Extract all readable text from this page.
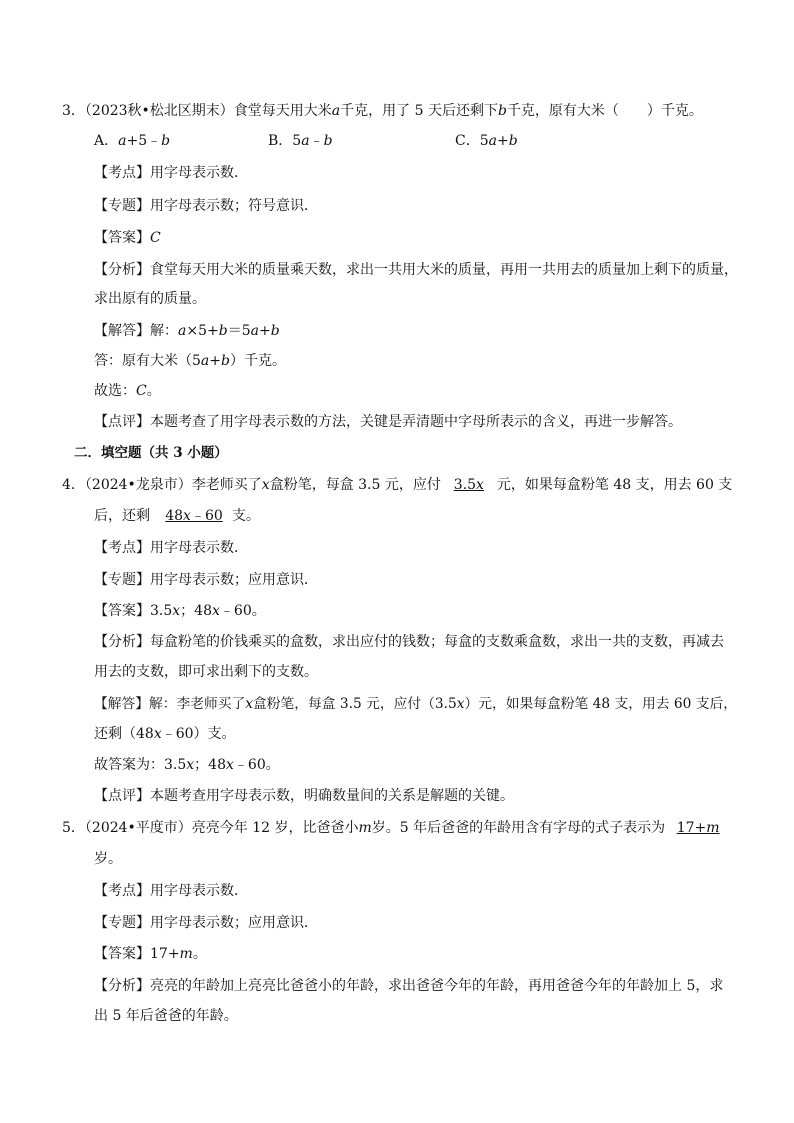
3．（2023秋•松北区期末）食堂每天用大米a千克，用了 5 天后还剩下b千克，原有大米（　　）千克。
A．a+5﹣b	B．5a﹣b	C．5a+b
【考点】用字母表示数．
【专题】用字母表示数；符号意识．
【答案】C
【分析】食堂每天用大米的质量乘天数，求出一共用大米的质量，再用一共用去的质量加上剩下的质量，
求出原有的质量。
【解答】解：a×5+b＝5a+b
答：原有大米（5a+b）千克。
故选：C。
【点评】本题考查了用字母表示数的方法，关键是弄清题中字母所表示的含义，再进一步解答。
二．填空题（共 3 小题）
4．（2024•龙泉市）李老师买了x盒粉笔，每盒 3.5 元，应付 3.5x 元，如果每盒粉笔 48 支，用去 60 支
后，还剩 48x﹣60 支。
【考点】用字母表示数．
【专题】用字母表示数；应用意识．
【答案】3.5x；48x﹣60。
【分析】每盒粉笔的价钱乘买的盒数，求出应付的钱数；每盒的支数乘盒数，求出一共的支数，再减去
用去的支数，即可求出剩下的支数。
【解答】解：李老师买了x盒粉笔，每盒 3.5 元，应付（3.5x）元，如果每盒粉笔 48 支，用去 60 支后，
还剩（48x﹣60）支。
故答案为：3.5x；48x﹣60。
【点评】本题考查用字母表示数，明确数量间的关系是解题的关键。
5．（2024•平度市）亮亮今年 12 岁，比爸爸小m岁。5 年后爸爸的年龄用含有字母的式子表示为 17+m
岁。
【考点】用字母表示数．
【专题】用字母表示数；应用意识．
【答案】17+m。
【分析】亮亮的年龄加上亮亮比爸爸小的年龄，求出爸爸今年的年龄，再用爸爸今年的年龄加上 5，求
出 5 年后爸爸的年龄。
